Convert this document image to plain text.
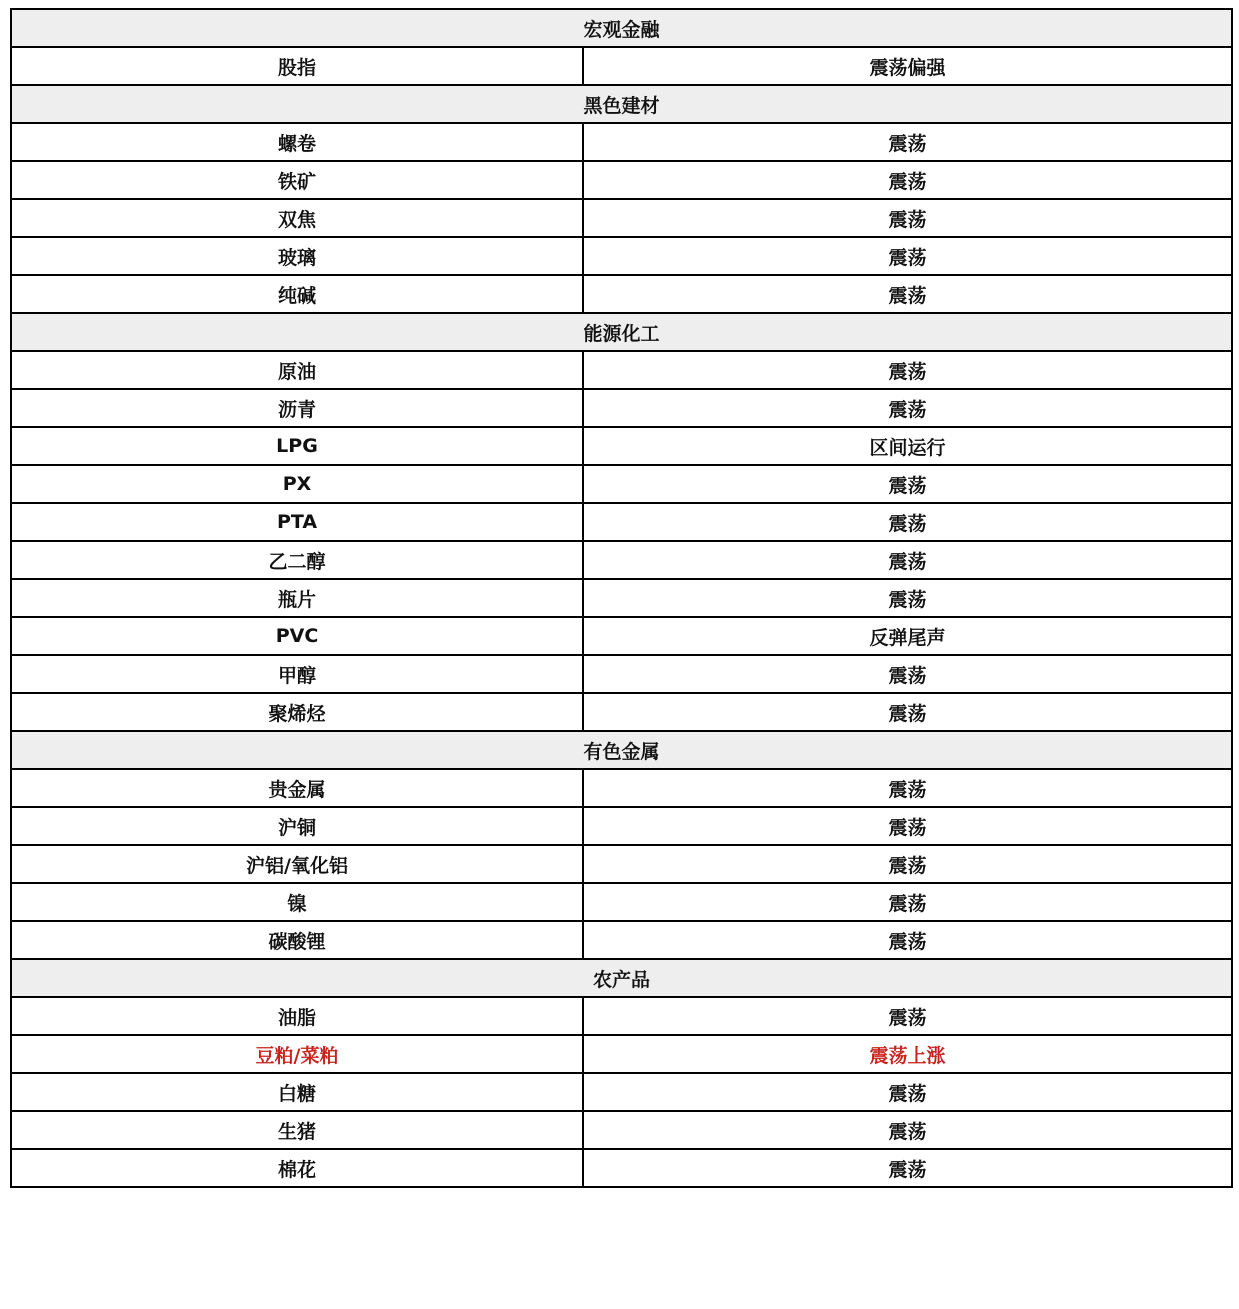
宏观金融	
股指	震荡偏强
黑色建材	
螺卷	震荡
铁矿	震荡
双焦	震荡
玻璃	震荡
纯碱	震荡
能源化工	
原油	震荡
沥青	震荡
LPG	区间运行
PX	震荡
PTA	震荡
乙二醇	震荡
瓶片	震荡
PVC	反弹尾声
甲醇	震荡
聚烯烃	震荡
有色金属	
贵金属	震荡
沪铜	震荡
沪铝/氧化铝	震荡
镍	震荡
碳酸锂	震荡
农产品	
油脂	震荡
豆粕/菜粕	震荡上涨
白糖	震荡
生猪	震荡
棉花	震荡
